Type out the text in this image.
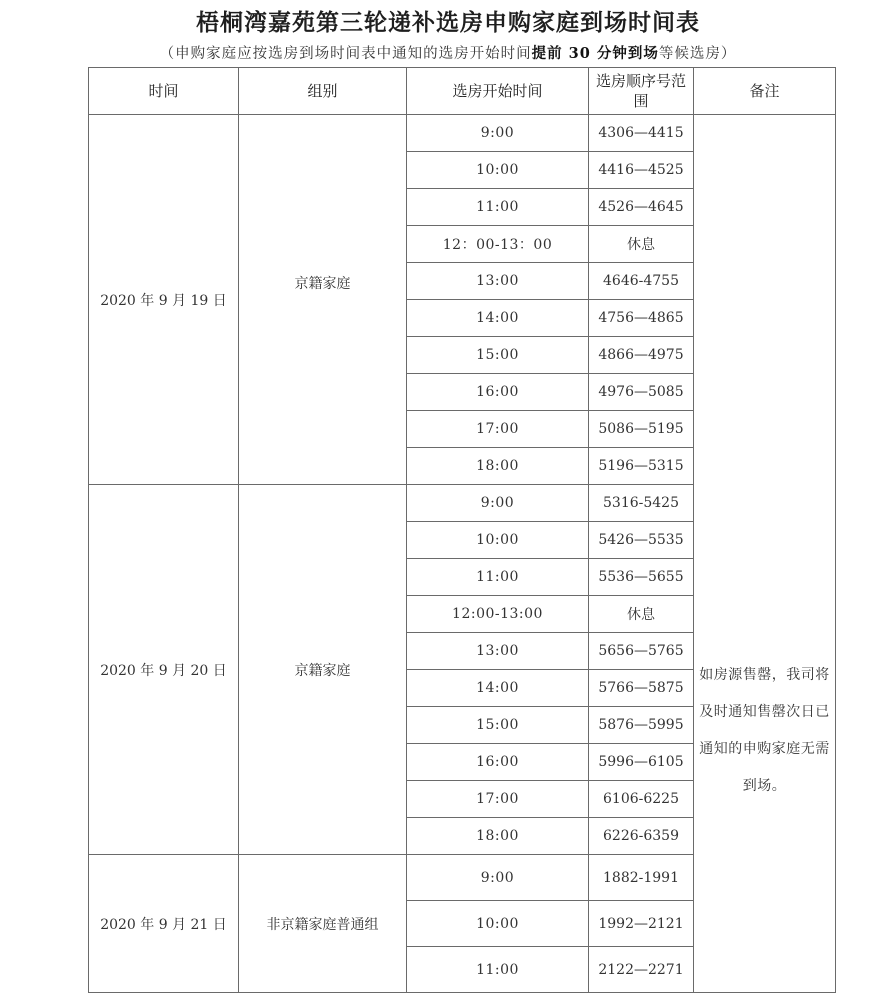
梧桐湾嘉苑第三轮递补选房申购家庭到场时间表
（申购家庭应按选房到场时间表中通知的选房开始时间提前 30 分钟到场等候选房）
时间	组别	选房开始时间	选房顺序号范围	备注
2020 年 9 月 19 日	京籍家庭	9:00	4306—4415	如房源售罄，我司将及时通知售罄次日已通知的申购家庭无需到场。

		10:00	4416—4525	
		11:00	4526—4645	
		12：00-13：00	休息	
		13:00	4646-4755	
		14:00	4756—4865	
		15:00	4866—4975	
		16:00	4976—5085	
		17:00	5086—5195	
		18:00	5196—5315	
2020 年 9 月 20 日	京籍家庭	9:00	5316-5425	
		10:00	5426—5535	
		11:00	5536—5655	
		12:00-13:00	休息	
		13:00	5656—5765	
		14:00	5766—5875	
		15:00	5876—5995	
		16:00	5996—6105	
		17:00	6106-6225	
		18:00	6226-6359	
2020 年 9 月 21 日	非京籍家庭普通组	9:00	1882-1991	
		10:00	1992—2121	
		11:00	2122—2271	
